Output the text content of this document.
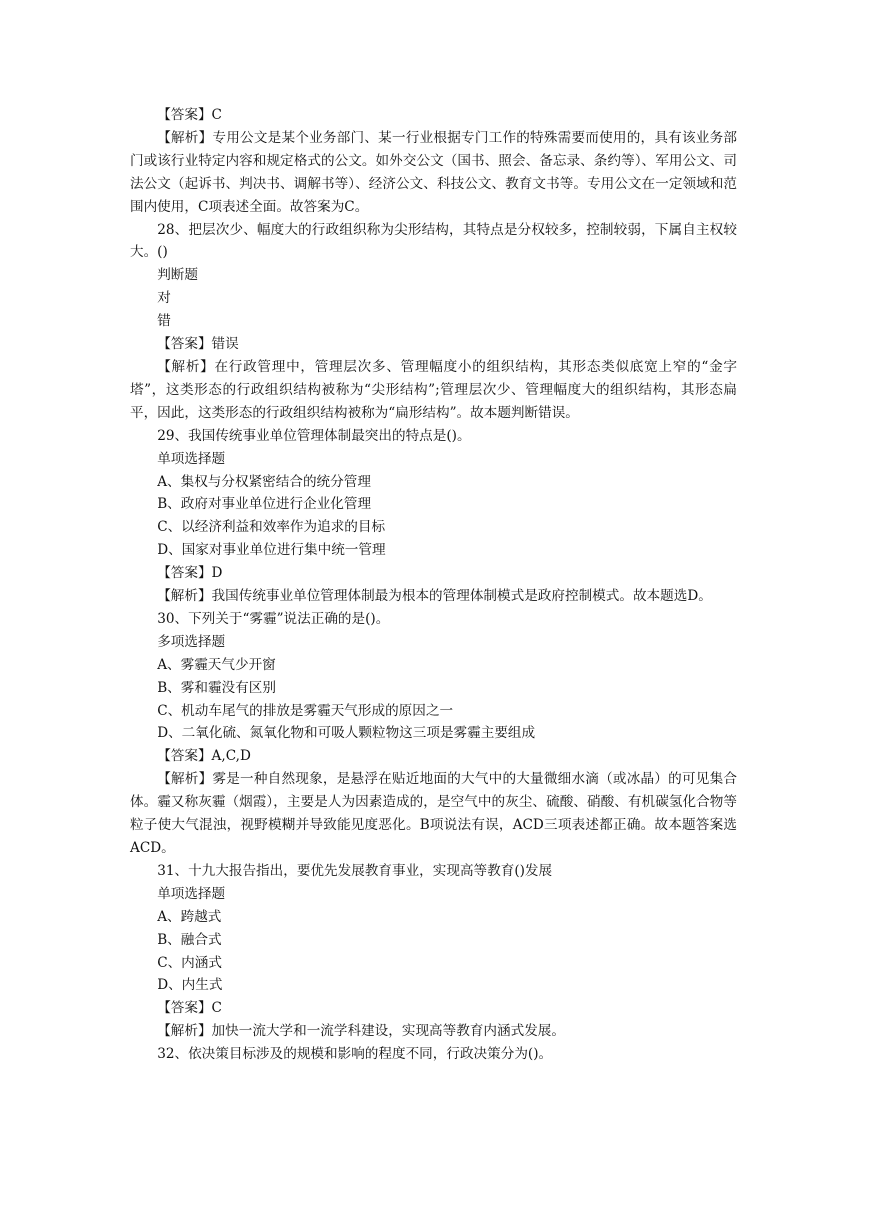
【答案】C

【解析】专用公文是某个业务部门、某一行业根据专门工作的特殊需要而使用的，具有该业务部门或该行业特定内容和规定格式的公文。如外交公文（国书、照会、备忘录、条约等）、军用公文、司法公文（起诉书、判决书、调解书等）、经济公文、科技公文、教育文书等。专用公文在一定领域和范围内使用，C项表述全面。故答案为C。

28、把层次少、幅度大的行政组织称为尖形结构，其特点是分权较多，控制较弱，下属自主权较大。()

判断题

对

错

【答案】错误

【解析】在行政管理中，管理层次多、管理幅度小的组织结构，其形态类似底宽上窄的“金字塔”，这类形态的行政组织结构被称为“尖形结构”;管理层次少、管理幅度大的组织结构，其形态扁平，因此，这类形态的行政组织结构被称为“扁形结构”。故本题判断错误。

29、我国传统事业单位管理体制最突出的特点是()。

单项选择题

A、集权与分权紧密结合的统分管理

B、政府对事业单位进行企业化管理

C、以经济利益和效率作为追求的目标

D、国家对事业单位进行集中统一管理

【答案】D

【解析】我国传统事业单位管理体制最为根本的管理体制模式是政府控制模式。故本题选D。

30、下列关于“雾霾”说法正确的是()。

多项选择题

A、雾霾天气少开窗

B、雾和霾没有区别

C、机动车尾气的排放是雾霾天气形成的原因之一

D、二氧化硫、氮氧化物和可吸人颗粒物这三项是雾霾主要组成

【答案】A,C,D

【解析】雾是一种自然现象，是悬浮在贴近地面的大气中的大量微细水滴（或冰晶）的可见集合体。霾又称灰霾（烟霞），主要是人为因素造成的，是空气中的灰尘、硫酸、硝酸、有机碳氢化合物等粒子使大气混浊，视野模糊并导致能见度恶化。B项说法有误，ACD三项表述都正确。故本题答案选ACD。

31、十九大报告指出，要优先发展教育事业，实现高等教育()发展

单项选择题

A、跨越式

B、融合式

C、内涵式

D、内生式

【答案】C

【解析】加快一流大学和一流学科建设，实现高等教育内涵式发展。

32、依决策目标涉及的规模和影响的程度不同，行政决策分为()。
